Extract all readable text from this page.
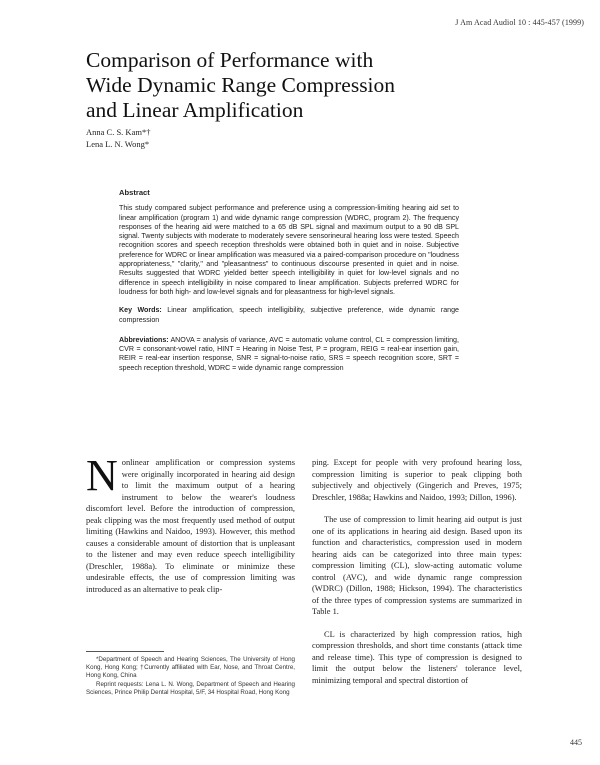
J Am Acad Audiol 10 : 445-457 (1999)
Comparison of Performance with
Wide Dynamic Range Compression
and Linear Amplification
Anna C. S. Kam*†
Lena L. N. Wong*
Abstract

This study compared subject performance and preference using a compression-limiting hearing aid set to linear amplification (program 1) and wide dynamic range compression (WDRC, program 2). The frequency responses of the hearing aid were matched to a 65 dB SPL signal and maximum output to a 90 dB SPL signal. Twenty subjects with moderate to moderately severe sensorineural hearing loss were tested. Speech recognition scores and speech reception thresholds were obtained both in quiet and in noise. Subjective preference for WDRC or linear amplification was measured via a paired-comparison procedure on "loudness appropriateness," "clarity," and "pleasantness" to continuous discourse presented in quiet and in noise. Results suggested that WDRC yielded better speech intelligibility in quiet for low-level signals and no difference in speech intelligibility in noise compared to linear amplification. Subjects preferred WDRC for loudness for both high- and low-level signals and for pleasantness for high-level signals.

Key Words: Linear amplification, speech intelligibility, subjective preference, wide dynamic range compression

Abbreviations: ANOVA = analysis of variance, AVC = automatic volume control, CL = compression limiting, CVR = consonant-vowel ratio, HINT = Hearing in Noise Test, P = program, REIG = real-ear insertion gain, REIR = real-ear insertion response, SNR = signal-to-noise ratio, SRS = speech recognition score, SRT = speech reception threshold, WDRC = wide dynamic range compression

N onlinear amplification or compression systems were originally incorporated in hearing aid design to limit the maximum output of a hearing instrument to below the wearer's loudness discomfort level. Before the introduction of compression, peak clipping was the most frequently used method of output limiting (Hawkins and Naidoo, 1993). However, this method causes a considerable amount of distortion that is unpleasant to the listener and may even reduce speech intelligibility (Dreschler, 1988a). To eliminate or minimize these undesirable effects, the use of compression limiting was introduced as an alternative to peak clip-

*Department of Speech and Hearing Sciences, The University of Hong Kong, Hong Kong; †Currently affiliated with Ear, Nose, and Throat Centre, Hong Kong, China

Reprint requests: Lena L. N. Wong, Department of Speech and Hearing Sciences, Prince Philip Dental Hospital, 5/F, 34 Hospital Road, Hong Kong

ping. Except for people with very profound hearing loss, compression limiting is superior to peak clipping both subjectively and objectively (Gingerich and Preves, 1975; Dreschler, 1988a; Hawkins and Naidoo, 1993; Dillon, 1996).

The use of compression to limit hearing aid output is just one of its applications in hearing aid design. Based upon its function and characteristics, compression used in modern hearing aids can be categorized into three main types: compression limiting (CL), slow-acting automatic volume control (AVC), and wide dynamic range compression (WDRC) (Dillon, 1988; Hickson, 1994). The characteristics of the three types of compression systems are summarized in Table 1.

CL is characterized by high compression ratios, high compression thresholds, and short time constants (attack time and release time). This type of compression is designed to limit the output below the listeners' tolerance level, minimizing temporal and spectral distortion of

445
